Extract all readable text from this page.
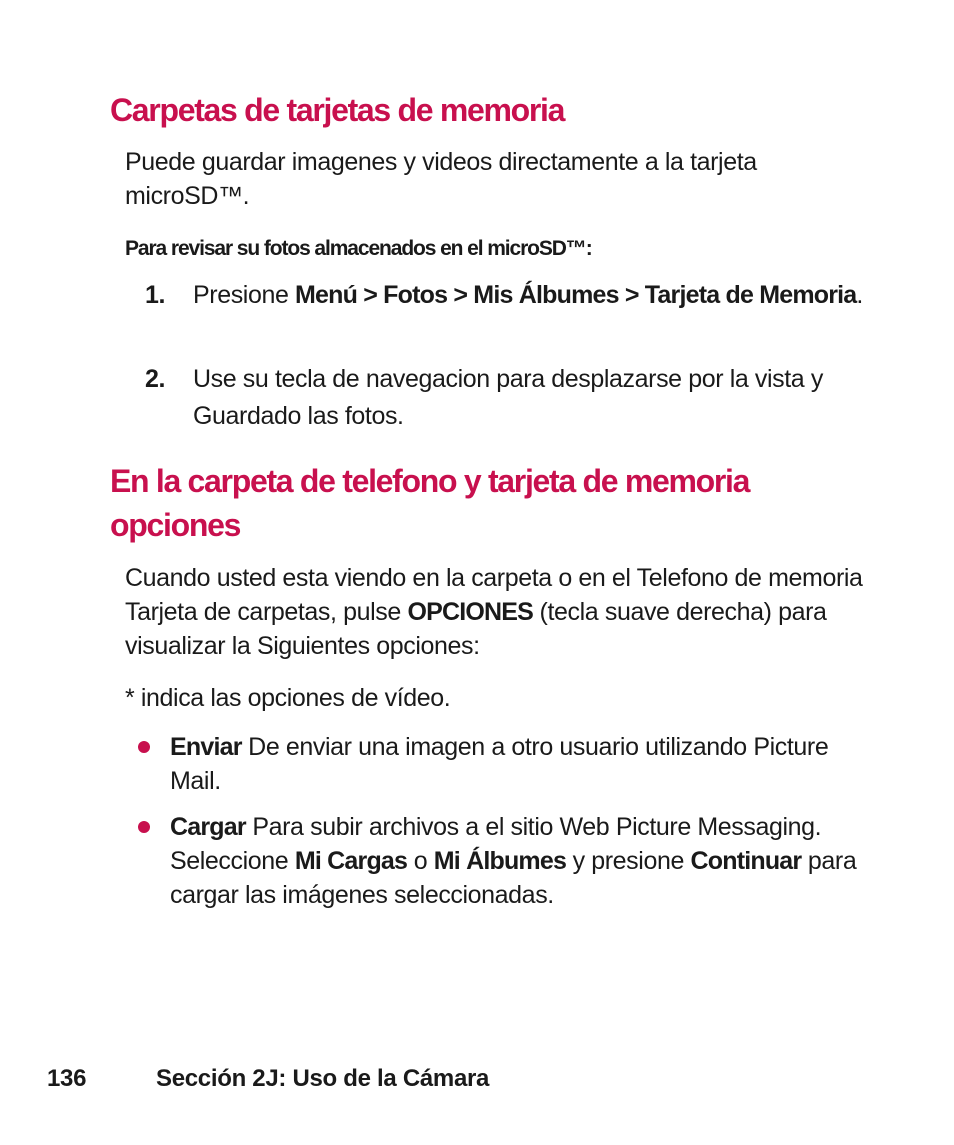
Carpetas de tarjetas de memoria

Puede guardar imagenes y videos directamente a la tarjeta microSD™.

Para revisar su fotos almacenados en el microSD™:

1. Presione Menú > Fotos > Mis Álbumes > Tarjeta de Memoria.
2. Use su tecla de navegacion para desplazarse por la vista y Guardado las fotos.
En la carpeta de telefono y tarjeta de memoria opciones

Cuando usted esta viendo en la carpeta o en el Telefono de memoria Tarjeta de carpetas, pulse OPCIONES (tecla suave derecha) para visualizar la Siguientes opciones:

* indica las opciones de vídeo.

Enviar De enviar una imagen a otro usuario utilizando Picture Mail.
Cargar Para subir archivos a el sitio Web Picture Messaging. Seleccione Mi Cargas o Mi Álbumes y presione Continuar para cargar las imágenes seleccionadas.
136	Sección 2J: Uso de la Cámara
